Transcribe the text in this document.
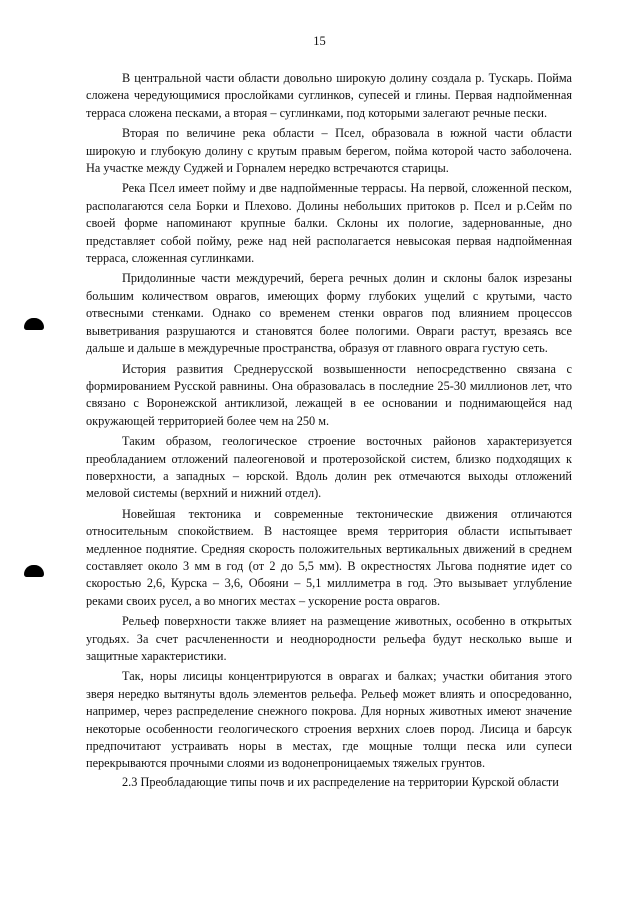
15

В центральной части области довольно широкую долину создала р. Тускарь. Пойма сложена чередующимися прослойками суглинков, супесей и глины. Первая надпойменная терраса сложена песками, а вторая – суглинками, под которыми залегают речные пески.

Вторая по величине река области – Псел, образовала в южной части области широкую и глубокую долину с крутым правым берегом, пойма которой часто заболочена. На участке между Суджей и Горналем нередко встречаются старицы.

Река Псел имеет пойму и две надпойменные террасы. На первой, сложенной песком, располагаются села Борки и Плехово. Долины небольших притоков р. Псел и р.Сейм по своей форме напоминают крупные балки. Склоны их пологие, задернованные, дно представляет собой пойму, реже над ней располагается невысокая первая надпойменная терраса, сложенная суглинками.

Придолинные части междуречий, берега речных долин и склоны балок изрезаны большим количеством оврагов, имеющих форму глубоких ущелий с крутыми, часто отвесными стенками. Однако со временем стенки оврагов под влиянием процессов выветривания разрушаются и становятся более пологими. Овраги растут, врезаясь все дальше и дальше в междуречные пространства, образуя от главного оврага густую сеть.

История развития Среднерусской возвышенности непосредственно связана с формированием Русской равнины. Она образовалась в последние 25-30 миллионов лет, что связано с Воронежской антиклизой, лежащей в ее основании и поднимающейся над окружающей территорией более чем на 250 м.

Таким образом, геологическое строение восточных районов характеризуется преобладанием отложений палеогеновой и протерозойской систем, близко подходящих к поверхности, а западных – юрской. Вдоль долин рек отмечаются выходы отложений меловой системы (верхний и нижний отдел).

Новейшая тектоника и современные тектонические движения отличаются относительным спокойствием. В настоящее время территория области испытывает медленное поднятие. Средняя скорость положительных вертикальных движений в среднем составляет около 3 мм в год (от 2 до 5,5 мм). В окрестностях Льгова поднятие идет со скоростью 2,6, Курска – 3,6, Обояни – 5,1 миллиметра в год. Это вызывает углубление реками своих русел, а во многих местах – ускорение роста оврагов.

Рельеф поверхности также влияет на размещение животных, особенно в открытых угодьях. За счет расчлененности и неоднородности рельефа будут несколько выше и защитные характеристики.

Так, норы лисицы концентрируются в оврагах и балках; участки обитания этого зверя нередко вытянуты вдоль элементов рельефа. Рельеф может влиять и опосредованно, например, через распределение снежного покрова. Для норных животных имеют значение некоторые особенности геологического строения верхних слоев пород. Лисица и барсук предпочитают устраивать норы в местах, где мощные толщи песка или супеси перекрываются прочными слоями из водонепроницаемых тяжелых грунтов.

2.3 Преобладающие типы почв и их распределение на территории Курской области
